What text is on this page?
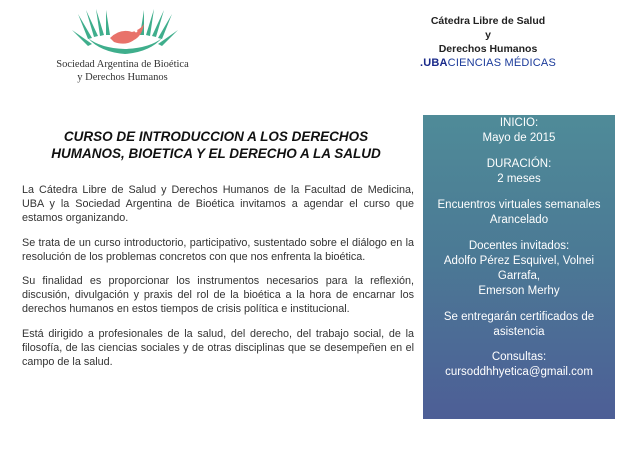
Sociedad Argentina de Bioética
y Derechos Humanos
Cátedra Libre de Salud
y
Derechos Humanos
.UBACIENCIAS MÉDICAS
CURSO DE INTRODUCCION A LOS DERECHOS
HUMANOS, BIOETICA Y EL DERECHO A LA SALUD

La Cátedra Libre de Salud y Derechos Humanos de la Facultad de Medicina, UBA y la Sociedad Argentina de Bioética invitamos a agendar el curso que estamos organizando.

Se trata de un curso introductorio, participativo, sustentado sobre el diálogo en la resolución de los problemas concretos con que nos enfrenta la bioética.

Su finalidad es proporcionar los instrumentos necesarios para la reflexión, discusión, divulgación y praxis del rol de la bioética a la hora de encarnar los derechos humanos en estos tiempos de crisis política e institucional.

Está dirigido a profesionales de la salud, del derecho, del trabajo social, de la filosofía, de las ciencias sociales y de otras disciplinas que se desempeñen en el campo de la salud.

INICIO:
Mayo de 2015
DURACIÓN:
2 meses
Encuentros virtuales semanales
Arancelado
Docentes invitados:
Adolfo Pérez Esquivel, Volnei
Garrafa,
Emerson Merhy
Se entregarán certificados de
asistencia
Consultas:
cursoddhhyetica@gmail.com
